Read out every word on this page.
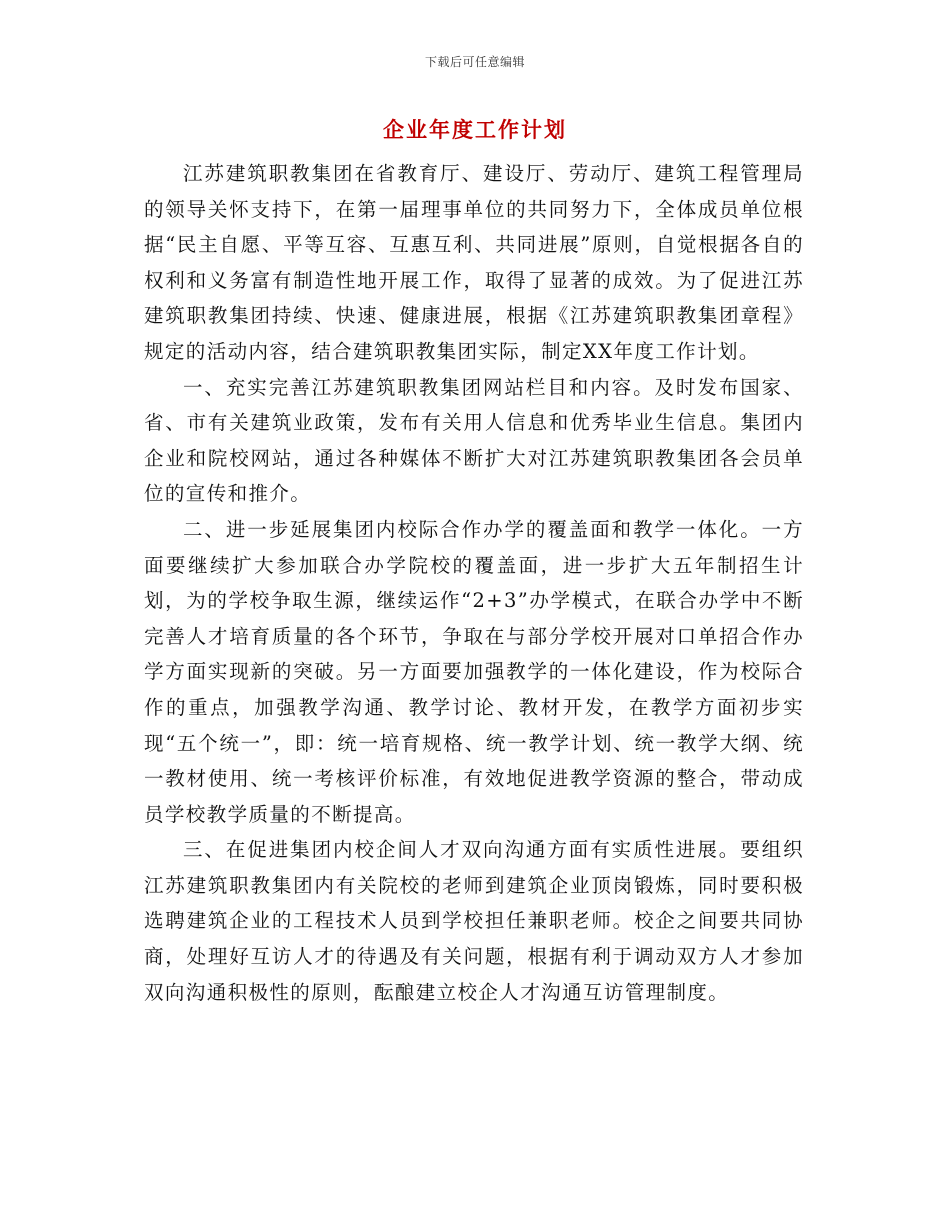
下载后可任意编辑
企业年度工作计划

江苏建筑职教集团在省教育厅、建设厅、劳动厅、建筑工程管理局的领导关怀支持下，在第一届理事单位的共同努力下，全体成员单位根据“民主自愿、平等互容、互惠互利、共同进展”原则，自觉根据各自的权利和义务富有制造性地开展工作，取得了显著的成效。为了促进江苏建筑职教集团持续、快速、健康进展，根据《江苏建筑职教集团章程》规定的活动内容，结合建筑职教集团实际，制定XX年度工作计划。

一、充实完善江苏建筑职教集团网站栏目和内容。及时发布国家、省、市有关建筑业政策，发布有关用人信息和优秀毕业生信息。集团内企业和院校网站，通过各种媒体不断扩大对江苏建筑职教集团各会员单位的宣传和推介。

二、进一步延展集团内校际合作办学的覆盖面和教学一体化。一方面要继续扩大参加联合办学院校的覆盖面，进一步扩大五年制招生计划，为的学校争取生源，继续运作“2+3”办学模式，在联合办学中不断完善人才培育质量的各个环节，争取在与部分学校开展对口单招合作办学方面实现新的突破。另一方面要加强教学的一体化建设，作为校际合作的重点，加强教学沟通、教学讨论、教材开发，在教学方面初步实现“五个统一”，即：统一培育规格、统一教学计划、统一教学大纲、统一教材使用、统一考核评价标准，有效地促进教学资源的整合，带动成员学校教学质量的不断提高。

三、在促进集团内校企间人才双向沟通方面有实质性进展。要组织江苏建筑职教集团内有关院校的老师到建筑企业顶岗锻炼，同时要积极选聘建筑企业的工程技术人员到学校担任兼职老师。校企之间要共同协商，处理好互访人才的待遇及有关问题，根据有利于调动双方人才参加双向沟通积极性的原则，酝酿建立校企人才沟通互访管理制度。
